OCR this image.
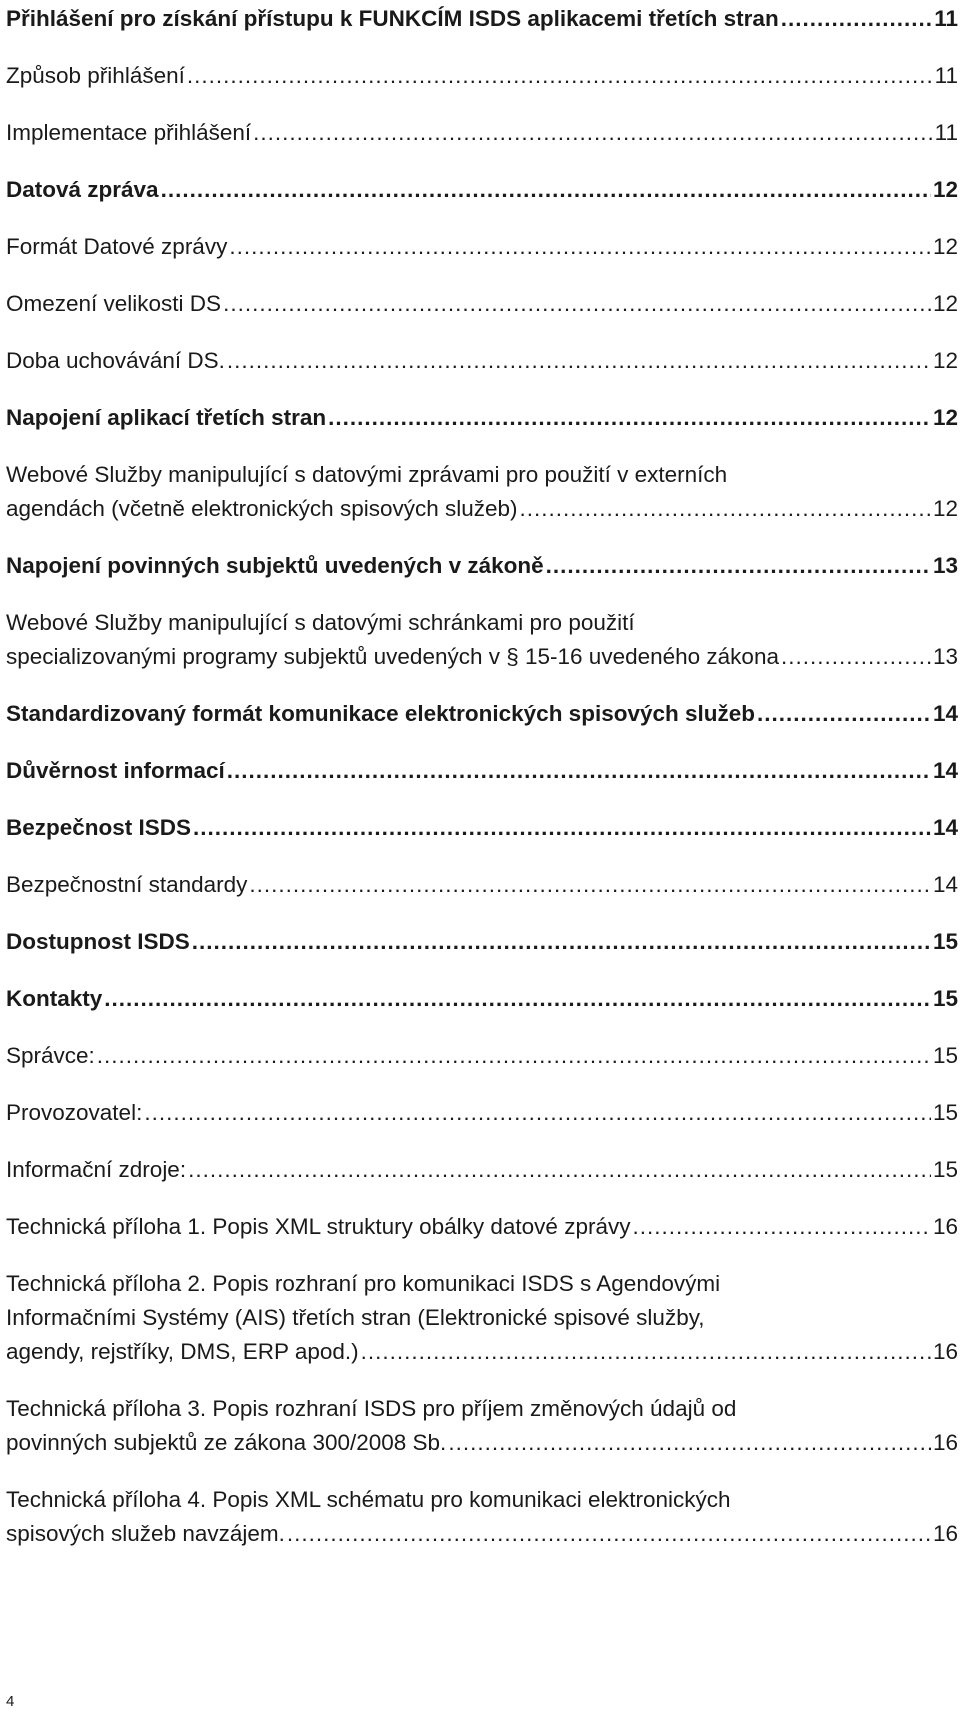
Přihlášení pro získání přístupu k FUNKCÍM ISDS aplikacemi třetích stran .....	11
Způsob přihlášení .....	11
Implementace přihlášení .....	11
Datová zpráva .....	12
Formát Datové zprávy .....	12
Omezení velikosti DS .....	12
Doba uchovávání DS. .....	12
Napojení aplikací třetích stran .....	12
Webové Služby manipulující s datovými zprávami pro použití v externích
agendách (včetně elektronických spisových služeb) .....	12
Napojení povinných subjektů uvedených v zákoně .....	13
Webové Služby manipulující s datovými schránkami pro použití
specializovanými programy subjektů uvedených v § 15-16 uvedeného zákona .....	13
Standardizovaný formát komunikace elektronických spisových služeb .....	14
Důvěrnost informací .....	14
Bezpečnost ISDS .....	14
Bezpečnostní standardy .....	14
Dostupnost ISDS .....	15
Kontakty .....	15
Správce: .....	15
Provozovatel: .....	15
Informační zdroje: .....	15
Technická příloha 1. Popis XML struktury obálky datové zprávy .....	16
Technická příloha 2. Popis rozhraní pro komunikaci ISDS s Agendovými
Informačními Systémy (AIS) třetích stran (Elektronické spisové služby,
agendy, rejstříky, DMS, ERP apod.) .....	16
Technická příloha 3. Popis rozhraní ISDS pro příjem změnových údajů od
povinných subjektů ze zákona 300/2008 Sb. .....	16
Technická příloha 4. Popis XML schématu pro komunikaci elektronických
spisových služeb navzájem. .....	16
4
